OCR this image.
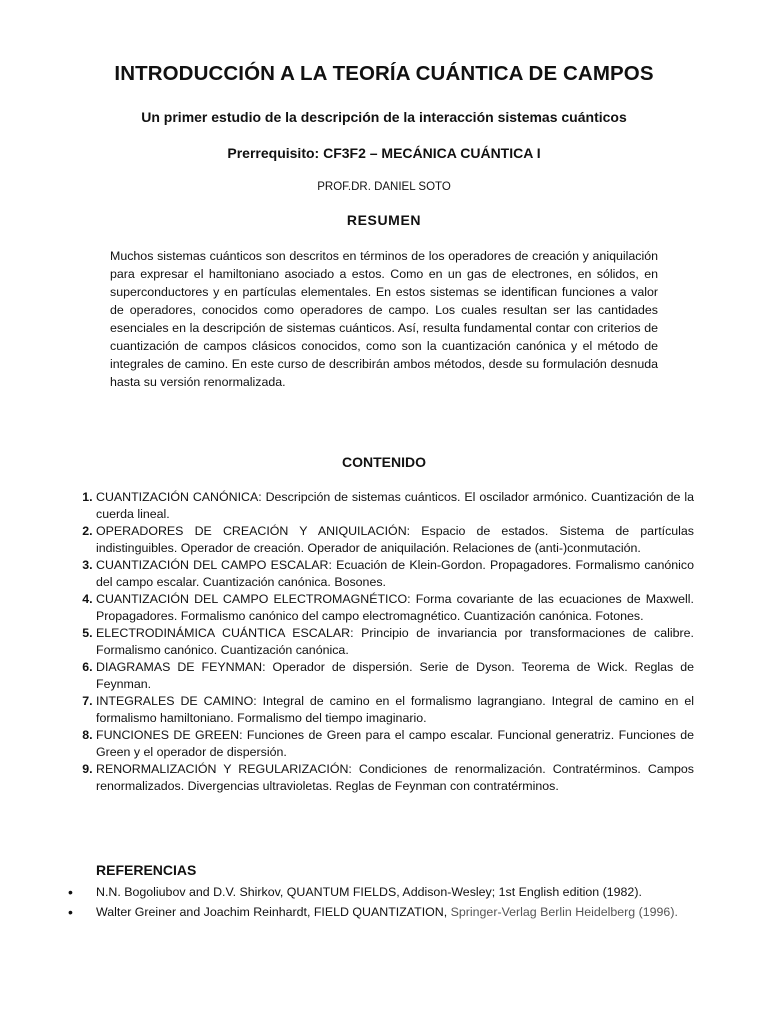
INTRODUCCIÓN A LA TEORÍA CUÁNTICA DE CAMPOS

Un primer estudio de la descripción de la interacción sistemas cuánticos

Prerrequisito: CF3F2 – MECÁNICA CUÁNTICA I

PROF.DR. DANIEL SOTO

RESUMEN

Muchos sistemas cuánticos son descritos en términos de los operadores de creación y aniquilación para expresar el hamiltoniano asociado a estos. Como en un gas de electrones, en sólidos, en superconductores y en partículas elementales. En estos sistemas se identifican funciones a valor de operadores, conocidos como operadores de campo. Los cuales resultan ser las cantidades esenciales en la descripción de sistemas cuánticos. Así, resulta fundamental contar con criterios de cuantización de campos clásicos conocidos, como son la cuantización canónica y el método de integrales de camino. En este curso de describirán ambos métodos, desde su formulación desnuda hasta su versión renormalizada.

CONTENIDO
1. CUANTIZACIÓN CANÓNICA: Descripción de sistemas cuánticos. El oscilador armónico. Cuantización de la cuerda lineal.
2. OPERADORES DE CREACIÓN Y ANIQUILACIÓN: Espacio de estados. Sistema de partículas indistinguibles. Operador de creación. Operador de aniquilación. Relaciones de (anti-)conmutación.
3. CUANTIZACIÓN DEL CAMPO ESCALAR: Ecuación de Klein-Gordon. Propagadores. Formalismo canónico del campo escalar. Cuantización canónica. Bosones.
4. CUANTIZACIÓN DEL CAMPO ELECTROMAGNÉTICO: Forma covariante de las ecuaciones de Maxwell. Propagadores. Formalismo canónico del campo electromagnético. Cuantización canónica. Fotones.
5. ELECTRODINÁMICA CUÁNTICA ESCALAR: Principio de invariancia por transformaciones de calibre. Formalismo canónico. Cuantización canónica.
6. DIAGRAMAS DE FEYNMAN: Operador de dispersión. Serie de Dyson. Teorema de Wick. Reglas de Feynman.
7. INTEGRALES DE CAMINO: Integral de camino en el formalismo lagrangiano. Integral de camino en el formalismo hamiltoniano. Formalismo del tiempo imaginario.
8. FUNCIONES DE GREEN: Funciones de Green para el campo escalar. Funcional generatriz. Funciones de Green y el operador de dispersión.
9. RENORMALIZACIÓN Y REGULARIZACIÓN: Condiciones de renormalización. Contratérminos. Campos renormalizados. Divergencias ultravioletas. Reglas de Feynman con contratérminos.
REFERENCIAS
• N.N. Bogoliubov and D.V. Shirkov, QUANTUM FIELDS, Addison-Wesley; 1st English edition (1982).
• Walter Greiner and Joachim Reinhardt, FIELD QUANTIZATION, Springer-Verlag Berlin Heidelberg (1996).
